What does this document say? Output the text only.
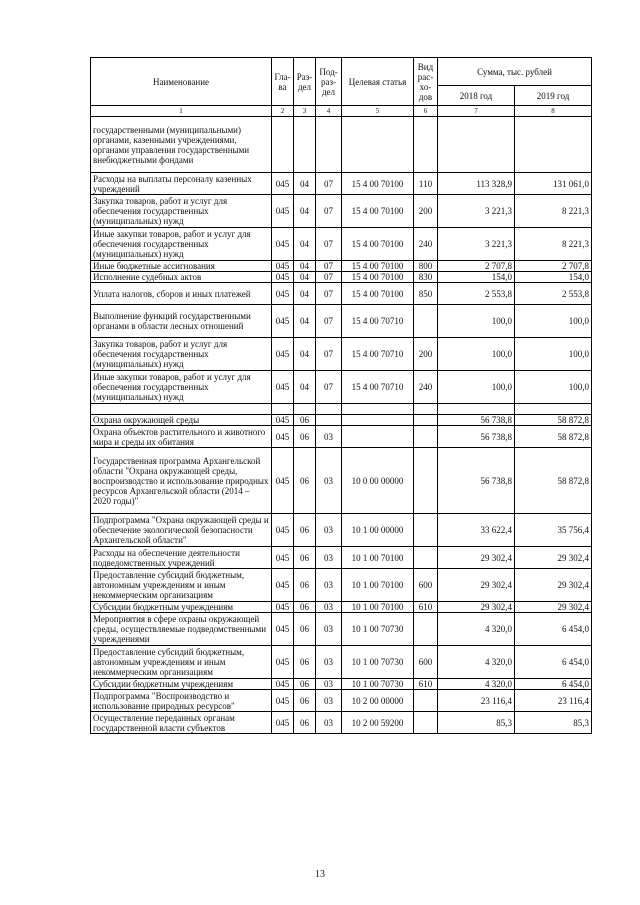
Наименование	Гла-ва	Раз-дел	Под-раз-дел	Целевая статья	Вид рас-хо-дов	Сумма, тыс. рублей	
						2018 год	2019 год
1	2	3	4	5	6	7	8
государственными (муниципальными) органами, казенными учреждениями, органами управления государственными внебюджетными фондами							
Расходы на выплаты персоналу казенных учреждений	045	04	07	15 4 00 70100	110	113 328,9	131 061,0
Закупка товаров, работ и услуг для обеспечения государственных (муниципальных) нужд	045	04	07	15 4 00 70100	200	3 221,3	8 221,3
Иные закупки товаров, работ и услуг для обеспечения государственных (муниципальных) нужд	045	04	07	15 4 00 70100	240	3 221,3	8 221,3
Иные бюджетные ассигнования	045	04	07	15 4 00 70100	800	2 707,8	2 707,8
Исполнение судебных актов	045	04	07	15 4 00 70100	830	154,0	154,0
Уплата налогов, сборов и иных платежей	045	04	07	15 4 00 70100	850	2 553,8	2 553,8
Выполнение функций государственными органами в области лесных отношений	045	04	07	15 4 00 70710		100,0	100,0
Закупка товаров, работ и услуг для обеспечения государственных (муниципальных) нужд	045	04	07	15 4 00 70710	200	100,0	100,0
Иные закупки товаров, работ и услуг для обеспечения государственных (муниципальных) нужд	045	04	07	15 4 00 70710	240	100,0	100,0

Охрана окружающей среды	045	06				56 738,8	58 872,8
Охрана объектов растительного и животного мира и среды их обитания	045	06	03			56 738,8	58 872,8
Государственная программа Архангельской области "Охрана окружающей среды, воспроизводство и использование природных ресурсов Архангельской области (2014 – 2020 годы)"	045	06	03	10 0 00 00000		56 738,8	58 872,8
Подпрограмма "Охрана окружающей среды и обеспечение экологической безопасности Архангельской области"	045	06	03	10 1 00 00000		33 622,4	35 756,4
Расходы на обеспечение деятельности подведомственных учреждений	045	06	03	10 1 00 70100		29 302,4	29 302,4
Предоставление субсидий бюджетным, автономным учреждениям и иным некоммерческим организациям	045	06	03	10 1 00 70100	600	29 302,4	29 302,4
Субсидии бюджетным учреждениям	045	06	03	10 1 00 70100	610	29 302,4	29 302,4
Мероприятия в сфере охраны окружающей среды, осуществляемые подведомственными учреждениями	045	06	03	10 1 00 70730		4 320,0	6 454,0
Предоставление субсидий бюджетным, автономным учреждениям и иным некоммерческим организациям	045	06	03	10 1 00 70730	600	4 320,0	6 454,0
Субсидии бюджетным учреждениям	045	06	03	10 1 00 70730	610	4 320,0	6 454,0
Подпрограмма "Воспроизводство и использование природных ресурсов"	045	06	03	10 2 00 00000		23 116,4	23 116,4
Осуществление переданных органам государственной власти субъектов	045	06	03	10 2 00 59200		85,3	85,3
13
